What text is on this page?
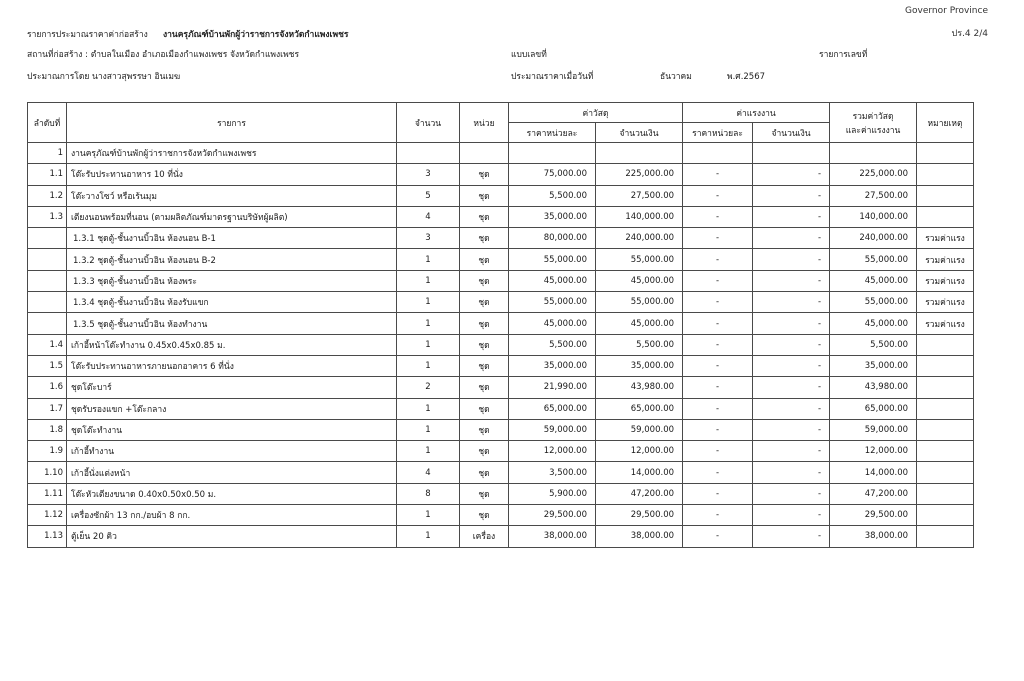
Governor Province
ปร.4 2/4
รายการประมาณราคาค่าก่อสร้าง งานครุภัณฑ์บ้านพักผู้ว่าราชการจังหวัดกำแพงเพชร
สถานที่ก่อสร้าง : ตำบลในเมือง อำเภอเมืองกำแพงเพชร จังหวัดกำแพงเพชร	แบบเลขที่	รายการเลขที่
ประมาณการโดย นางสาวสุพรรษา อินเมฆ	ประมาณราคาเมื่อวันที่	ธันวาคม	พ.ศ.2567
ลำดับที่	รายการ	จำนวน	หน่วย	ค่าวัสดุ		ค่าแรงงาน		รวมค่าวัสดุ
และค่าแรงงาน	หมายเหตุ
				ราคาหน่วยละ	จำนวนเงิน	ราคาหน่วยละ	จำนวนเงิน		
1	งานครุภัณฑ์บ้านพักผู้ว่าราชการจังหวัดกำแพงเพชร								
1.1	โต๊ะรับประทานอาหาร 10 ที่นั่ง	3	ชุด	75,000.00	225,000.00	-	-	225,000.00	
1.2	โต๊ะวางโซว์ หรือเร้นมุม	5	ชุด	5,500.00	27,500.00	-	-	27,500.00	
1.3	เตียงนอนพร้อมที่นอน (ตามผลิตภัณฑ์มาตรฐานบริษัทผู้ผลิต)	4	ชุด	35,000.00	140,000.00	-	-	140,000.00	
	1.3.1 ชุดตู้-ชั้นงานบิ้วอิน ห้องนอน B-1	3	ชุด	80,000.00	240,000.00	-	-	240,000.00	รวมค่าแรง
	1.3.2 ชุดตู้-ชั้นงานบิ้วอิน ห้องนอน B-2	1	ชุด	55,000.00	55,000.00	-	-	55,000.00	รวมค่าแรง
	1.3.3 ชุดตู้-ชั้นงานบิ้วอิน ห้องพระ	1	ชุด	45,000.00	45,000.00	-	-	45,000.00	รวมค่าแรง
	1.3.4 ชุดตู้-ชั้นงานบิ้วอิน ห้องรับแขก	1	ชุด	55,000.00	55,000.00	-	-	55,000.00	รวมค่าแรง
	1.3.5 ชุดตู้-ชั้นงานบิ้วอิน ห้องทำงาน	1	ชุด	45,000.00	45,000.00	-	-	45,000.00	รวมค่าแรง
1.4	เก้าอี้หน้าโต๊ะทำงาน 0.45x0.45x0.85 ม.	1	ชุด	5,500.00	5,500.00	-	-	5,500.00	
1.5	โต๊ะรับประทานอาหารภายนอกอาคาร 6 ที่นั่ง	1	ชุด	35,000.00	35,000.00	-	-	35,000.00	
1.6	ชุดโต๊ะบาร์	2	ชุด	21,990.00	43,980.00	-	-	43,980.00	
1.7	ชุดรับรองแขก +โต๊ะกลาง	1	ชุด	65,000.00	65,000.00	-	-	65,000.00	
1.8	ชุดโต๊ะทำงาน	1	ชุด	59,000.00	59,000.00	-	-	59,000.00	
1.9	เก้าอี้ทำงาน	1	ชุด	12,000.00	12,000.00	-	-	12,000.00	
1.10	เก้าอี้นั่งแต่งหน้า	4	ชุด	3,500.00	14,000.00	-	-	14,000.00	
1.11	โต๊ะหัวเตียงขนาด 0.40x0.50x0.50 ม.	8	ชุด	5,900.00	47,200.00	-	-	47,200.00	
1.12	เครื่องซักผ้า 13 กก./อบผ้า 8 กก.	1	ชุด	29,500.00	29,500.00	-	-	29,500.00	
1.13	ตู้เย็น 20 คิว	1	เครื่อง	38,000.00	38,000.00	-	-	38,000.00	
